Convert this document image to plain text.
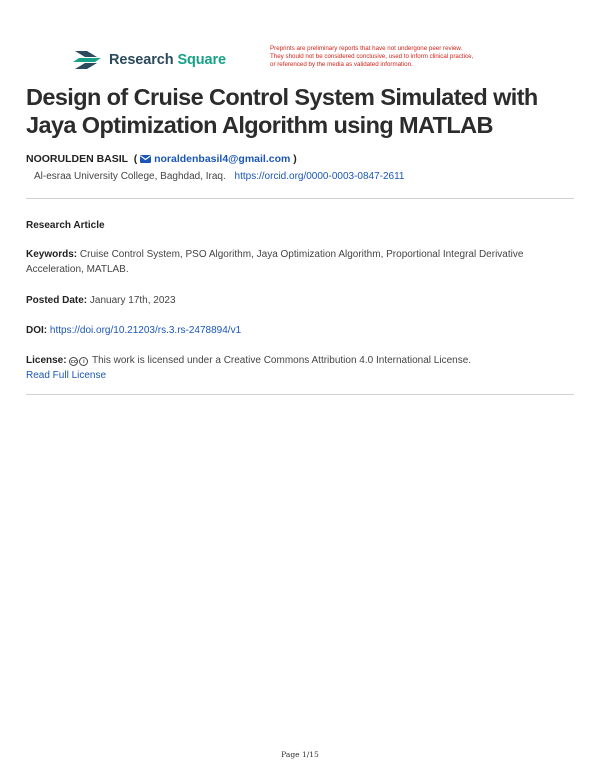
Research Square
Preprints are preliminary reports that have not undergone peer review.
They should not be considered conclusive, used to inform clinical practice,
or referenced by the media as validated information.
Design of Cruise Control System Simulated with Jaya Optimization Algorithm using MATLAB
NOORULDEN BASIL  (  noraldenbasil4@gmail.com )
Al-esraa University College, Baghdad, Iraq. https://orcid.org/0000-0003-0847-2611
Research Article
Keywords: Cruise Control System, PSO Algorithm, Jaya Optimization Algorithm, Proportional Integral Derivative Acceleration, MATLAB.
Posted Date: January 17th, 2023
DOI: https://doi.org/10.21203/rs.3.rs-2478894/v1
License: cc i This work is licensed under a Creative Commons Attribution 4.0 International License.
Read Full License
Page 1/15
